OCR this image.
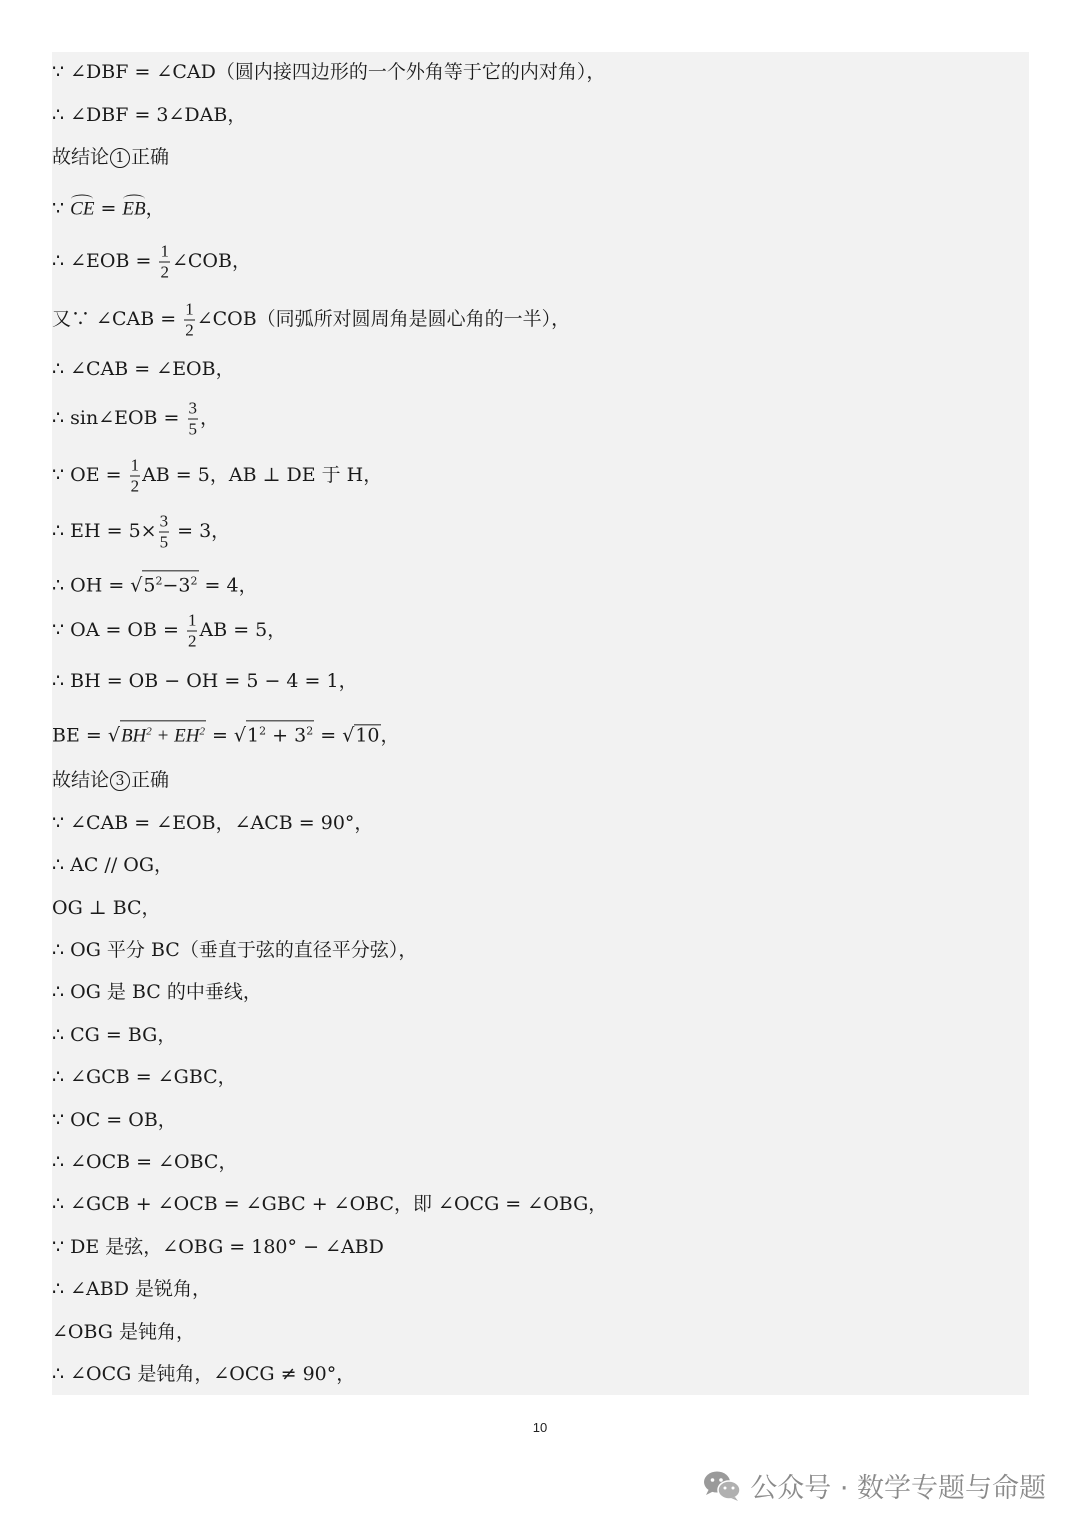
∵ ∠DBF = ∠CAD（圆内接四边形的一个外角等于它的内对角），
∴ ∠DBF = 3∠DAB，
故结论 1 正确
∵ CE = EB，
∴ ∠EOB = $\frac{1}{2}$ ∠COB，
又∵ ∠CAB = $\frac{1}{2}$ ∠COB（同弧所对圆周角是圆心角的一半），
∴ ∠CAB = ∠EOB，
∴ sin∠EOB = $\frac{3}{5}$ ，
∵ OE = $\frac{1}{2}$ AB = 5，AB ⊥ DE 于 H，
∴ EH = $5\times \frac{3}{5} = 3$，
∴ OH = $√5^2-3^2 = 4$，
∵ OA = OB = $\frac{1}{2}$ AB = 5，
∴ BH = OB − OH = 5 − 4 = 1，
BE = $√BH^2 + EH^2 = √1^2 + 3^2 = √10$，
故结论 3 正确
∵ ∠CAB = ∠EOB，∠ACB = 90°，
∴ AC // OG，
OG ⊥ BC，
∴ OG 平分 BC（垂直于弦的直径平分弦），
∴ OG 是 BC 的中垂线，
∴ CG = BG，
∴ ∠GCB = ∠GBC，
∵ OC = OB，
∴ ∠OCB = ∠OBC，
∴ ∠GCB + ∠OCB = ∠GBC + ∠OBC，即 ∠OCG = ∠OBG，
∵ DE 是弦，∠OBG = 180° − ∠ABD
∴ ∠ABD 是锐角，
∠OBG 是钝角，
∴ ∠OCG 是钝角，∠OCG ≠ 90°，
10
公众号 · 数学专题与命题
